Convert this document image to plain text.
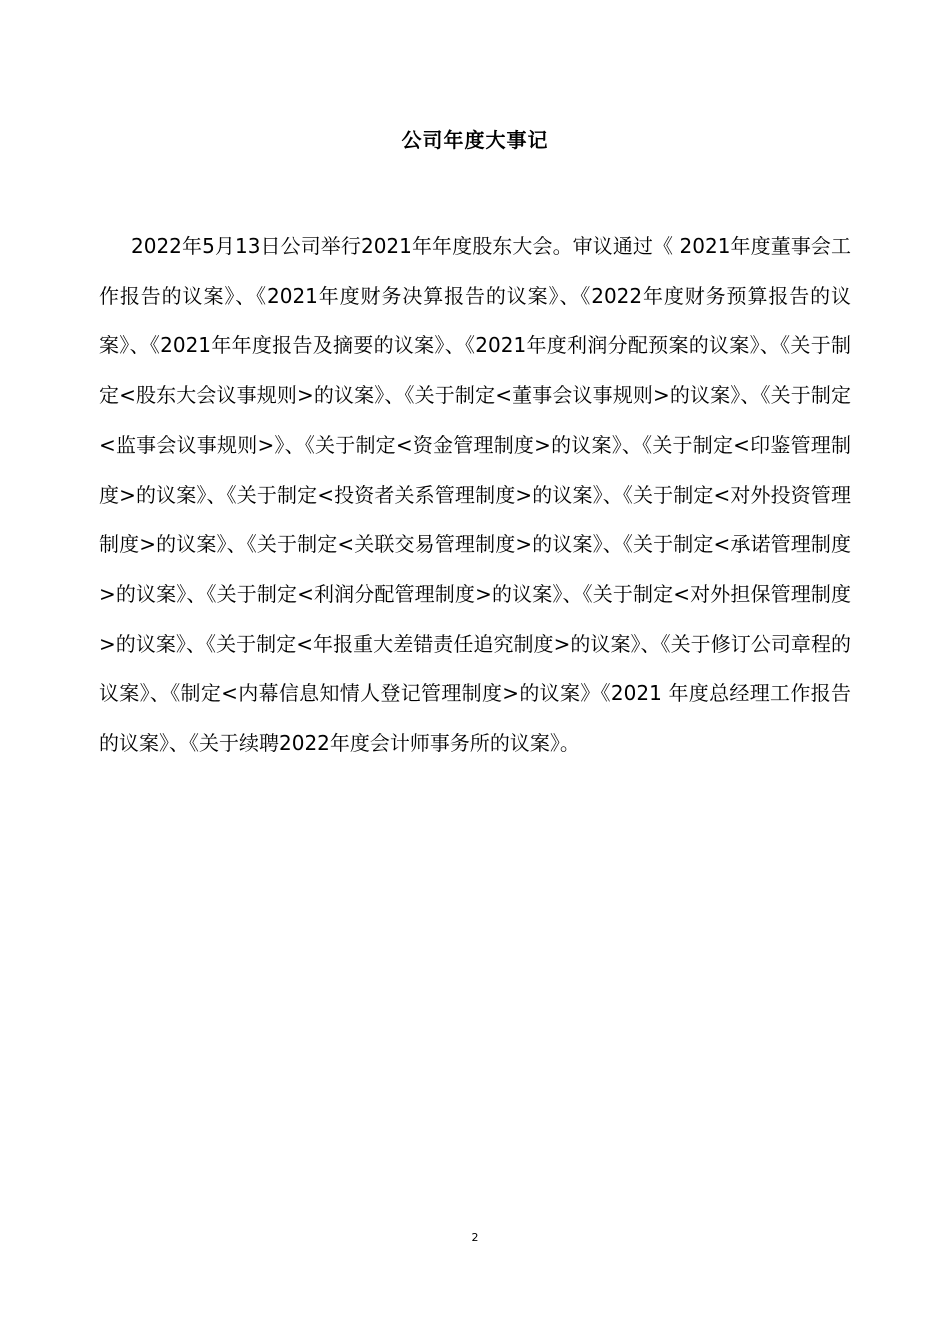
公司年度大事记

2022年5月13日公司举行2021年年度股东大会。审议通过《 2021年度董事会工作报告的议案》、《2021年度财务决算报告的议案》、《2022年度财务预算报告的议案》、《2021年年度报告及摘要的议案》、《2021年度利润分配预案的议案》、《关于制定<股东大会议事规则>的议案》、《关于制定<董事会议事规则>的议案》、《关于制定<监事会议事规则>》、《关于制定<资金管理制度>的议案》、《关于制定<印鉴管理制度>的议案》、《关于制定<投资者关系管理制度>的议案》、《关于制定<对外投资管理制度>的议案》、《关于制定<关联交易管理制度>的议案》、《关于制定<承诺管理制度>的议案》、《关于制定<利润分配管理制度>的议案》、《关于制定<对外担保管理制度>的议案》、《关于制定<年报重大差错责任追究制度>的议案》、《关于修订公司章程的议案》、《制定<内幕信息知情人登记管理制度>的议案》《2021 年度总经理工作报告的议案》、《关于续聘2022年度会计师事务所的议案》。

2
